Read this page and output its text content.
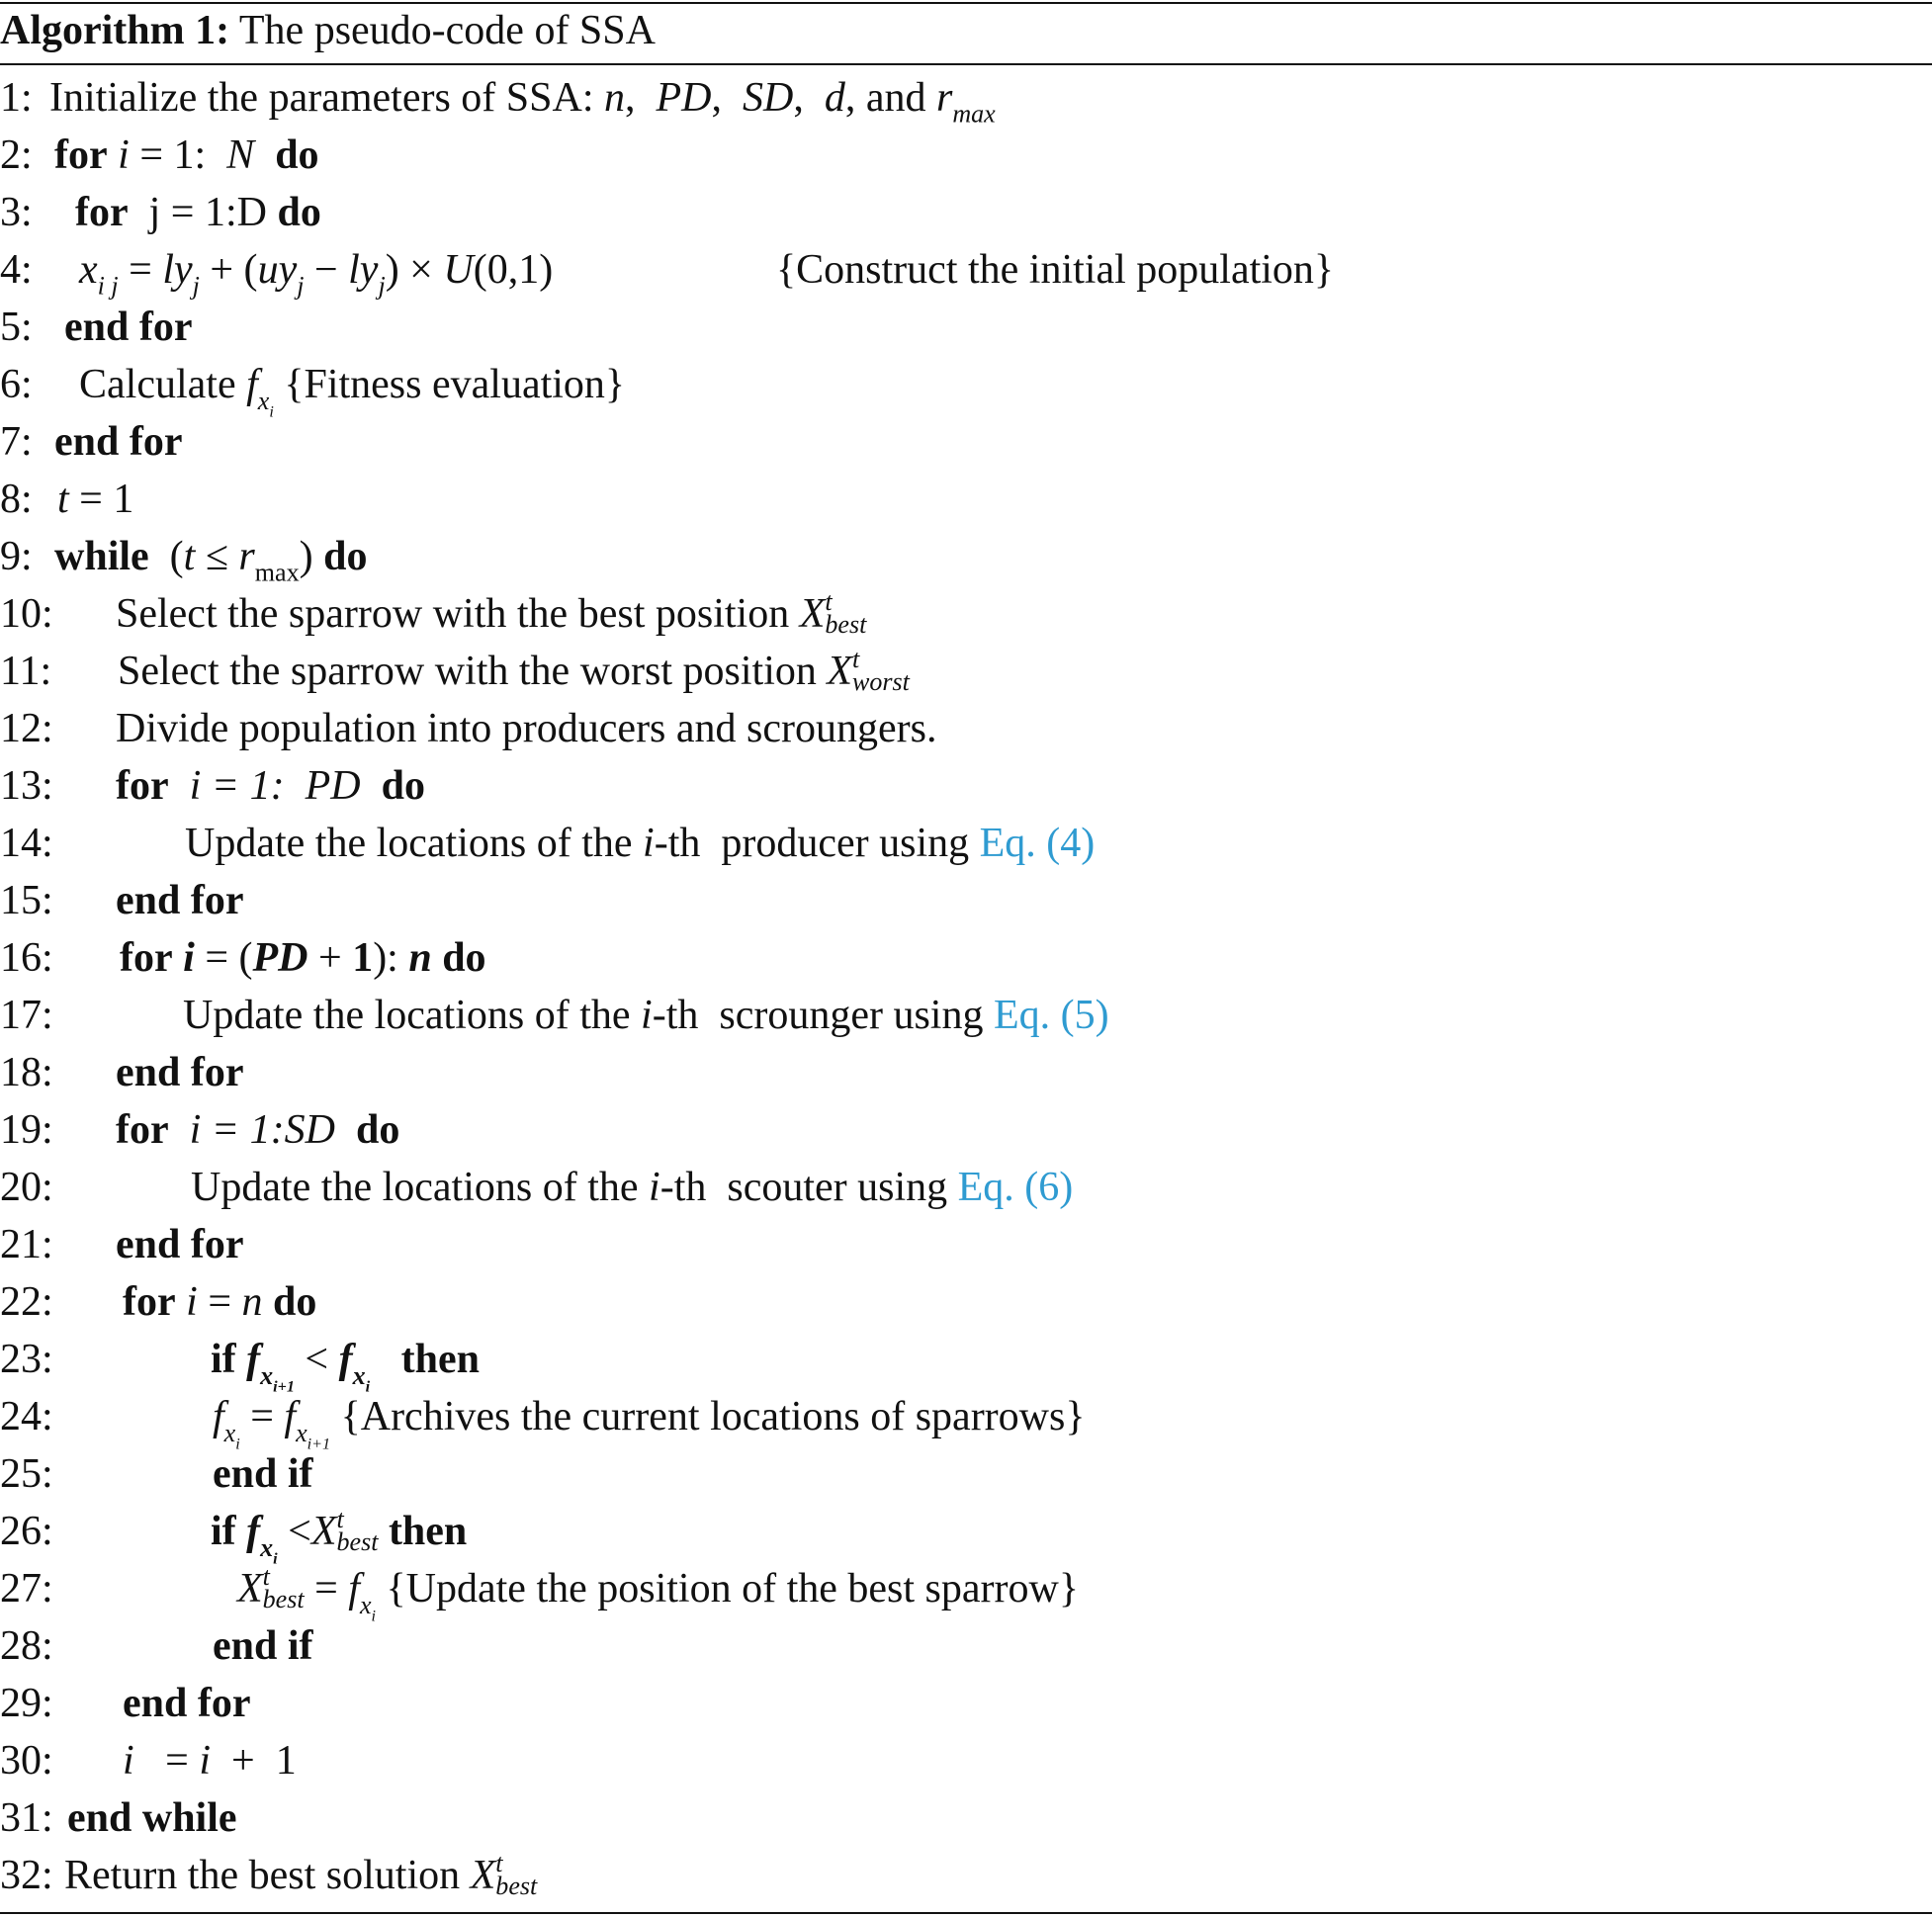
Algorithm 1: The pseudo-code of SSA
1: Initialize the parameters of SSA: n,  PD,  SD,  d, and $r_{max}$
2: for i = 1:  N do
3: for  j = 1:D do
4: $x_{i j} = ly_j + (uy_j - ly_j) \times U(0,1)$	{Construct the initial population}
5: end for
6: Calculate $f_{x_i}$ {Fitness evaluation}
7: end for
8: t = 1
9: while  $(t \le r_{max})$ do
10: Select the sparrow with the best position X t
best
11: Select the sparrow with the worst position X t
worst
12: Divide population into producers and scroungers.
13: for i = 1: PD do
14:	Update the locations of the i-th  producer using Eq. (4)
15: end for
16: for i = (PD + 1): n do
17:	Update the locations of the i-th  scrounger using Eq. (5)
18: end for
19: for i = 1:SD do
20:	Update the locations of the i-th  scouter using Eq. (6)
21: end for
22: for i = n do
23:	if $f_{x_{i+1}} < f_{x_i}$   then
24:	$f_{x_i} = f_{x_{i+1}}$ {Archives the current locations of sparrows}
25:	end if
26:	if $f_{x_i} <X$ t
best then
27:	X t
best = $f_{x_i}$ {Update the position of the best sparrow}
28:	end if
29: end for
30: i   = i  +  1
31: end while
32: Return the best solution X t
best
